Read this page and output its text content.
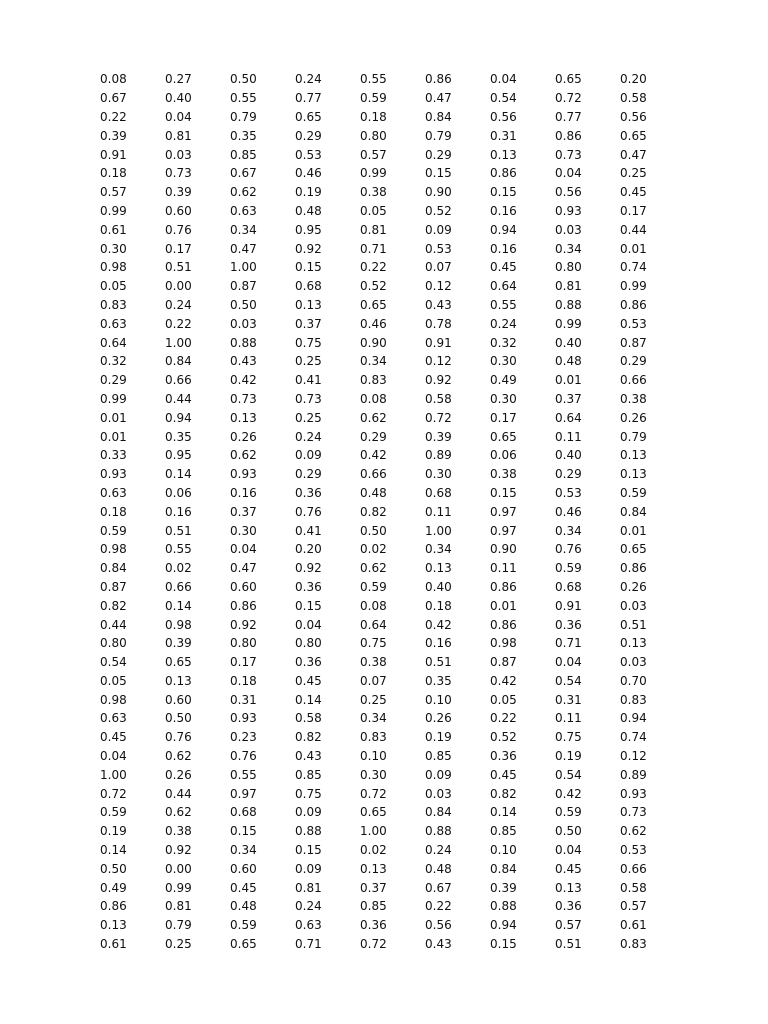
0.08	0.27	0.50	0.24	0.55	0.86	0.04	0.65	0.20
0.67	0.40	0.55	0.77	0.59	0.47	0.54	0.72	0.58
0.22	0.04	0.79	0.65	0.18	0.84	0.56	0.77	0.56
0.39	0.81	0.35	0.29	0.80	0.79	0.31	0.86	0.65
0.91	0.03	0.85	0.53	0.57	0.29	0.13	0.73	0.47
0.18	0.73	0.67	0.46	0.99	0.15	0.86	0.04	0.25
0.57	0.39	0.62	0.19	0.38	0.90	0.15	0.56	0.45
0.99	0.60	0.63	0.48	0.05	0.52	0.16	0.93	0.17
0.61	0.76	0.34	0.95	0.81	0.09	0.94	0.03	0.44
0.30	0.17	0.47	0.92	0.71	0.53	0.16	0.34	0.01
0.98	0.51	1.00	0.15	0.22	0.07	0.45	0.80	0.74
0.05	0.00	0.87	0.68	0.52	0.12	0.64	0.81	0.99
0.83	0.24	0.50	0.13	0.65	0.43	0.55	0.88	0.86
0.63	0.22	0.03	0.37	0.46	0.78	0.24	0.99	0.53
0.64	1.00	0.88	0.75	0.90	0.91	0.32	0.40	0.87
0.32	0.84	0.43	0.25	0.34	0.12	0.30	0.48	0.29
0.29	0.66	0.42	0.41	0.83	0.92	0.49	0.01	0.66
0.99	0.44	0.73	0.73	0.08	0.58	0.30	0.37	0.38
0.01	0.94	0.13	0.25	0.62	0.72	0.17	0.64	0.26
0.01	0.35	0.26	0.24	0.29	0.39	0.65	0.11	0.79
0.33	0.95	0.62	0.09	0.42	0.89	0.06	0.40	0.13
0.93	0.14	0.93	0.29	0.66	0.30	0.38	0.29	0.13
0.63	0.06	0.16	0.36	0.48	0.68	0.15	0.53	0.59
0.18	0.16	0.37	0.76	0.82	0.11	0.97	0.46	0.84
0.59	0.51	0.30	0.41	0.50	1.00	0.97	0.34	0.01
0.98	0.55	0.04	0.20	0.02	0.34	0.90	0.76	0.65
0.84	0.02	0.47	0.92	0.62	0.13	0.11	0.59	0.86
0.87	0.66	0.60	0.36	0.59	0.40	0.86	0.68	0.26
0.82	0.14	0.86	0.15	0.08	0.18	0.01	0.91	0.03
0.44	0.98	0.92	0.04	0.64	0.42	0.86	0.36	0.51
0.80	0.39	0.80	0.80	0.75	0.16	0.98	0.71	0.13
0.54	0.65	0.17	0.36	0.38	0.51	0.87	0.04	0.03
0.05	0.13	0.18	0.45	0.07	0.35	0.42	0.54	0.70
0.98	0.60	0.31	0.14	0.25	0.10	0.05	0.31	0.83
0.63	0.50	0.93	0.58	0.34	0.26	0.22	0.11	0.94
0.45	0.76	0.23	0.82	0.83	0.19	0.52	0.75	0.74
0.04	0.62	0.76	0.43	0.10	0.85	0.36	0.19	0.12
1.00	0.26	0.55	0.85	0.30	0.09	0.45	0.54	0.89
0.72	0.44	0.97	0.75	0.72	0.03	0.82	0.42	0.93
0.59	0.62	0.68	0.09	0.65	0.84	0.14	0.59	0.73
0.19	0.38	0.15	0.88	1.00	0.88	0.85	0.50	0.62
0.14	0.92	0.34	0.15	0.02	0.24	0.10	0.04	0.53
0.50	0.00	0.60	0.09	0.13	0.48	0.84	0.45	0.66
0.49	0.99	0.45	0.81	0.37	0.67	0.39	0.13	0.58
0.86	0.81	0.48	0.24	0.85	0.22	0.88	0.36	0.57
0.13	0.79	0.59	0.63	0.36	0.56	0.94	0.57	0.61
0.61	0.25	0.65	0.71	0.72	0.43	0.15	0.51	0.83
